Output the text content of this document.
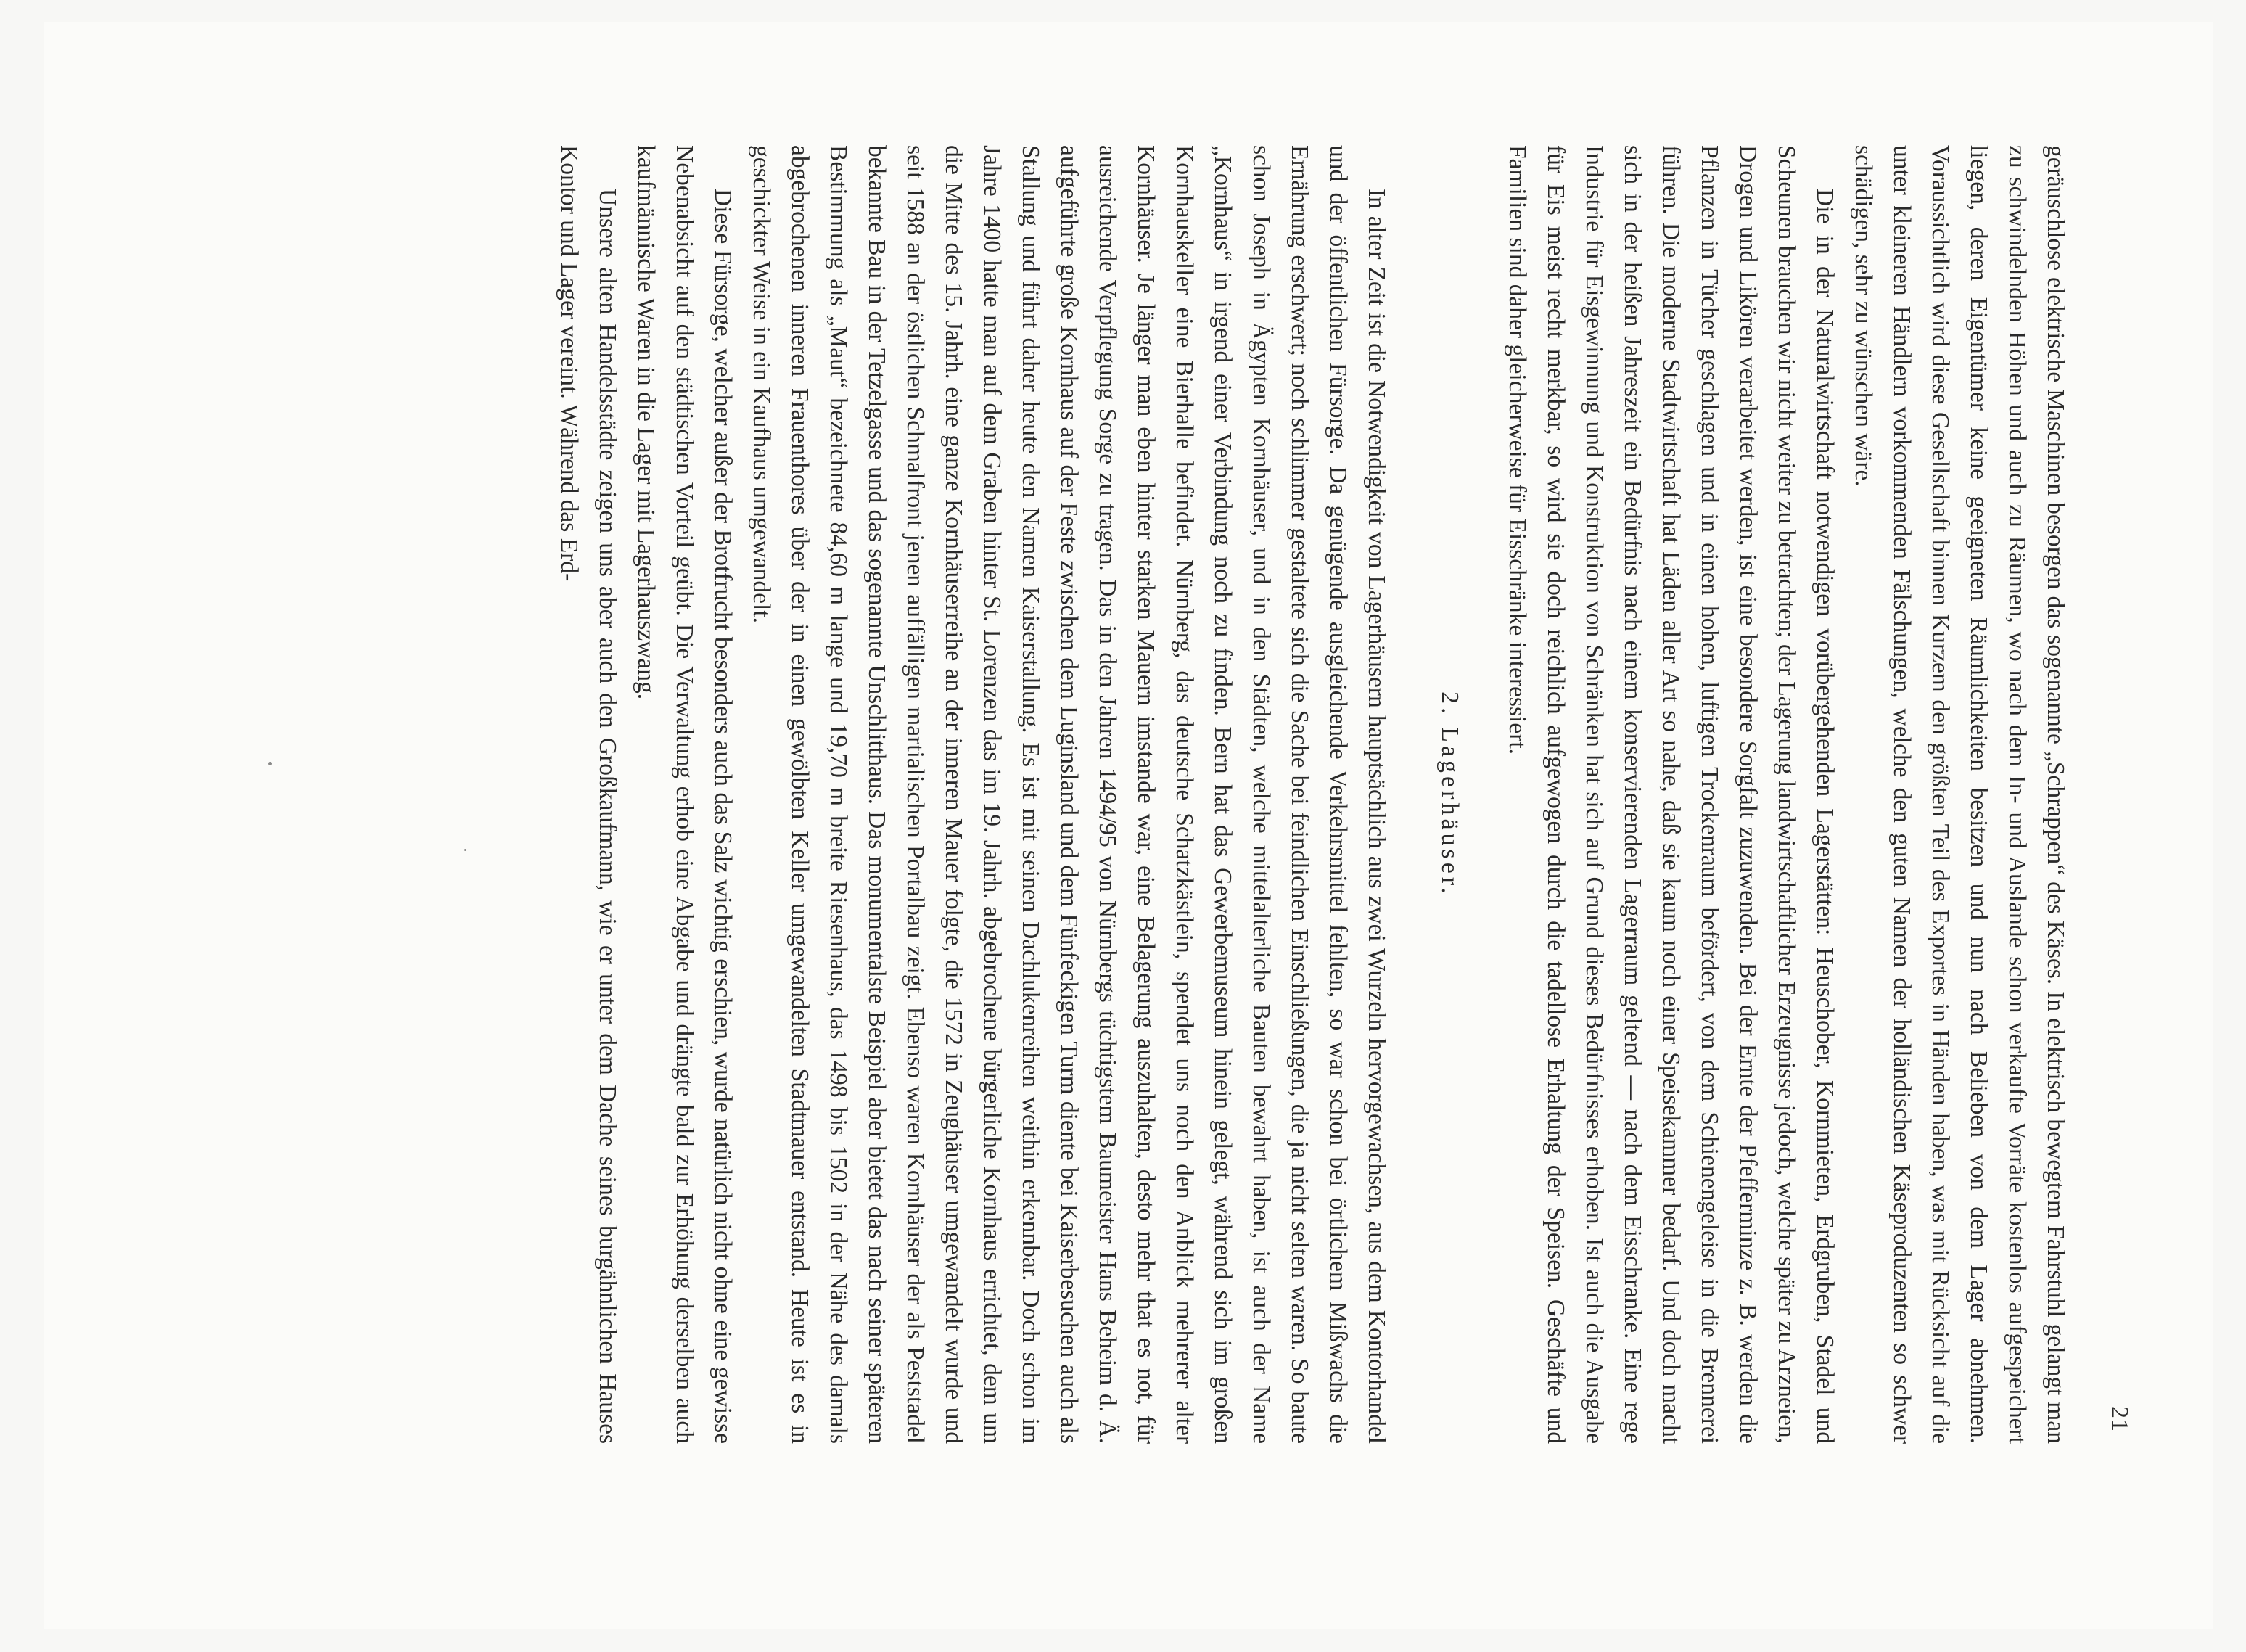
21

geräuschlose elektrische Maschinen besorgen das sogenannte „Schrappen“ des Käses. In elektrisch bewegtem Fahrstuhl gelangt man zu schwindelnden Höhen und auch zu Räumen, wo nach dem In- und Auslande schon verkaufte Vorräte kostenlos aufgespeichert liegen, deren Eigentümer keine geeigneten Räumlichkeiten besitzen und nun nach Belieben von dem Lager abnehmen. Voraussichtlich wird diese Gesellschaft binnen Kurzem den größten Teil des Exportes in Händen haben, was mit Rücksicht auf die unter kleineren Händlern vorkommenden Fälschungen, welche den guten Namen der holländischen Käseproduzenten so schwer schädigen, sehr zu wünschen wäre.

Die in der Naturalwirtschaft notwendigen vorübergehenden Lagerstätten: Heuschober, Kornmieten, Erdgruben, Stadel und Scheunen brauchen wir nicht weiter zu betrachten; der Lagerung landwirtschaftlicher Erzeugnisse jedoch, welche später zu Arzneien, Drogen und Likören verarbeitet werden, ist eine besondere Sorgfalt zuzuwenden. Bei der Ernte der Pfefferminze z. B. werden die Pflanzen in Tücher geschlagen und in einen hohen, luftigen Trockenraum befördert, von dem Schienengeleise in die Brennerei führen. Die moderne Stadtwirtschaft hat Läden aller Art so nahe, daß sie kaum noch einer Speisekammer bedarf. Und doch macht sich in der heißen Jahreszeit ein Bedürfnis nach einem konservierenden Lagerraum geltend — nach dem Eisschranke. Eine rege Industrie für Eisgewinnung und Konstruktion von Schränken hat sich auf Grund dieses Bedürfnisses erhoben. Ist auch die Ausgabe für Eis meist recht merkbar, so wird sie doch reichlich aufgewogen durch die tadellose Erhaltung der Speisen. Geschäfte und Familien sind daher gleicherweise für Eisschränke interessiert.

2. Lagerhäuser.

In alter Zeit ist die Notwendigkeit von Lagerhäusern hauptsächlich aus zwei Wurzeln hervorgewachsen, aus dem Kontorhandel und der öffentlichen Fürsorge. Da genügende ausgleichende Verkehrsmittel fehlten, so war schon bei örtlichem Mißwachs die Ernährung erschwert; noch schlimmer gestaltete sich die Sache bei feindlichen Einschließungen, die ja nicht selten waren. So baute schon Joseph in Ägypten Kornhäuser, und in den Städten, welche mittelalterliche Bauten bewahrt haben, ist auch der Name „Kornhaus“ in irgend einer Verbindung noch zu finden. Bern hat das Gewerbemuseum hinein gelegt, während sich im großen Kornhauskeller eine Bierhalle befindet. Nürnberg, das deutsche Schatzkästlein, spendet uns noch den Anblick mehrerer alter Kornhäuser. Je länger man eben hinter starken Mauern imstande war, eine Belagerung auszuhalten, desto mehr that es not, für ausreichende Verpflegung Sorge zu tragen. Das in den Jahren 1494/95 von Nürnbergs tüchtigstem Baumeister Hans Beheim d. Ä. aufgeführte große Kornhaus auf der Feste zwischen dem Luginsland und dem Fünfeckigen Turm diente bei Kaiserbesuchen auch als Stallung und führt daher heute den Namen Kaiserstallung. Es ist mit seinen Dachlukenreihen weithin erkennbar. Doch schon im Jahre 1400 hatte man auf dem Graben hinter St. Lorenzen das im 19. Jahrh. abgebrochene bürgerliche Kornhaus errichtet, dem um die Mitte des 15. Jahrh. eine ganze Kornhäuserreihe an der inneren Mauer folgte, die 1572 in Zeughäuser umgewandelt wurde und seit 1588 an der östlichen Schmalfront jenen auffälligen martialischen Portalbau zeigt. Ebenso waren Kornhäuser der als Peststadel bekannte Bau in der Tetzelgasse und das sogenannte Unschlitthaus. Das monumentalste Beispiel aber bietet das nach seiner späteren Bestimmung als „Maut“ bezeichnete 84,60 m lange und 19,70 m breite Riesenhaus, das 1498 bis 1502 in der Nähe des damals abgebrochenen inneren Frauenthores über der in einen gewölbten Keller umgewandelten Stadtmauer entstand. Heute ist es in geschickter Weise in ein Kaufhaus umgewandelt.

Diese Fürsorge, welcher außer der Brotfrucht besonders auch das Salz wichtig erschien, wurde natürlich nicht ohne eine gewisse Nebenabsicht auf den städtischen Vorteil geübt. Die Verwaltung erhob eine Abgabe und drängte bald zur Erhöhung derselben auch kaufmännische Waren in die Lager mit Lagerhauszwang.

Unsere alten Handelsstädte zeigen uns aber auch den Großkaufmann, wie er unter dem Dache seines burgähnlichen Hauses Kontor und Lager vereint. Während das Erd-
